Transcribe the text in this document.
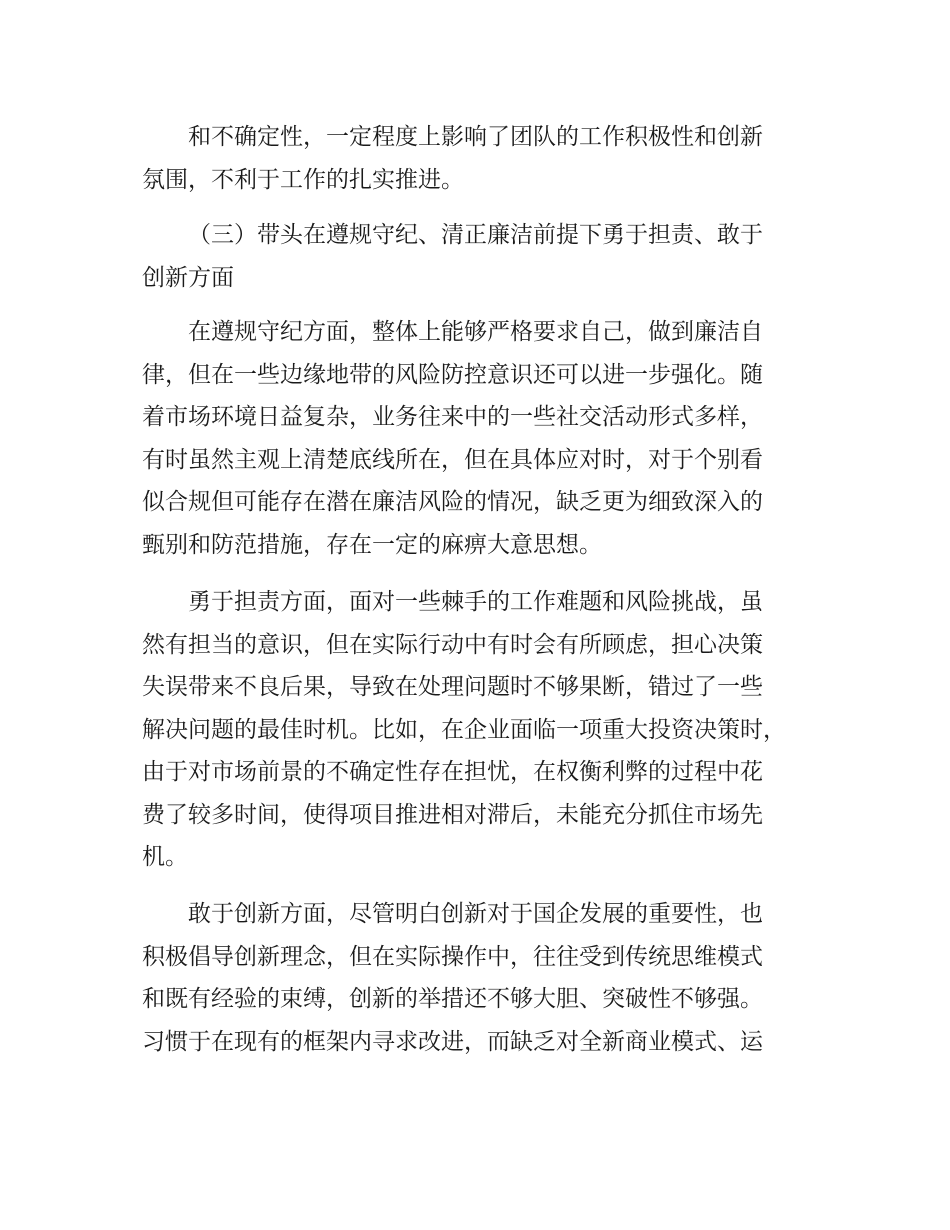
和不确定性，一定程度上影响了团队的工作积极性和创新
氛围，不利于工作的扎实推进。
（三）带头在遵规守纪、清正廉洁前提下勇于担责、敢于
创新方面
在遵规守纪方面，整体上能够严格要求自己，做到廉洁自
律，但在一些边缘地带的风险防控意识还可以进一步强化。随
着市场环境日益复杂，业务往来中的一些社交活动形式多样，
有时虽然主观上清楚底线所在，但在具体应对时，对于个别看
似合规但可能存在潜在廉洁风险的情况，缺乏更为细致深入的
甄别和防范措施，存在一定的麻痹大意思想。
勇于担责方面，面对一些棘手的工作难题和风险挑战，虽
然有担当的意识，但在实际行动中有时会有所顾虑，担心决策
失误带来不良后果，导致在处理问题时不够果断，错过了一些
解决问题的最佳时机。比如，在企业面临一项重大投资决策时，
由于对市场前景的不确定性存在担忧，在权衡利弊的过程中花
费了较多时间，使得项目推进相对滞后，未能充分抓住市场先
机。
敢于创新方面，尽管明白创新对于国企发展的重要性，也
积极倡导创新理念，但在实际操作中，往往受到传统思维模式
和既有经验的束缚，创新的举措还不够大胆、突破性不够强。
习惯于在现有的框架内寻求改进，而缺乏对全新商业模式、运
